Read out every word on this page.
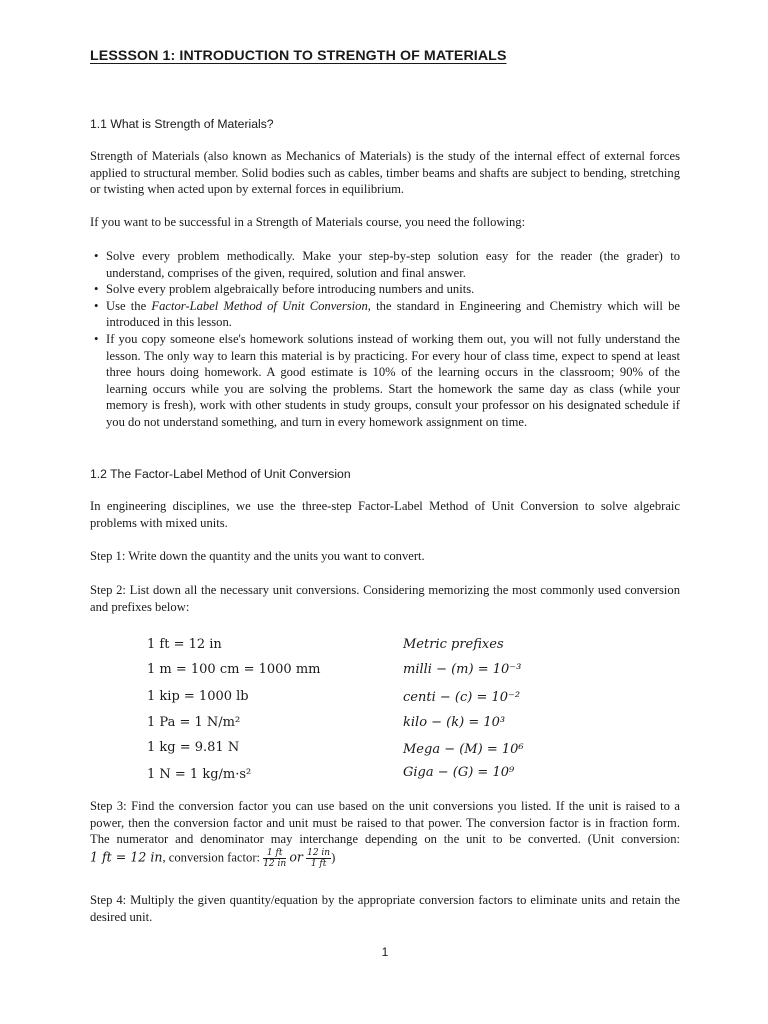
LESSSON 1: INTRODUCTION TO STRENGTH OF MATERIALS
1.1 What is Strength of Materials?
Strength of Materials (also known as Mechanics of Materials) is the study of the internal effect of external forces applied to structural member. Solid bodies such as cables, timber beams and shafts are subject to bending, stretching or twisting when acted upon by external forces in equilibrium.
If you want to be successful in a Strength of Materials course, you need the following:
• Solve every problem methodically. Make your step-by-step solution easy for the reader (the grader) to understand, comprises of the given, required, solution and final answer.
• Solve every problem algebraically before introducing numbers and units.
• Use the Factor-Label Method of Unit Conversion, the standard in Engineering and Chemistry which will be introduced in this lesson.
• If you copy someone else's homework solutions instead of working them out, you will not fully understand the lesson. The only way to learn this material is by practicing. For every hour of class time, expect to spend at least three hours doing homework. A good estimate is 10% of the learning occurs in the classroom; 90% of the learning occurs while you are solving the problems. Start the homework the same day as class (while your memory is fresh), work with other students in study groups, consult your professor on his designated schedule if you do not understand something, and turn in every homework assignment on time.
1.2 The Factor-Label Method of Unit Conversion
In engineering disciplines, we use the three-step Factor-Label Method of Unit Conversion to solve algebraic problems with mixed units.
Step 1: Write down the quantity and the units you want to convert.
Step 2: List down all the necessary unit conversions. Considering memorizing the most commonly used conversion and prefixes below:
1 ft = 12 in
1 m = 100 cm = 1000 mm
1 kip = 1000 lb
1 Pa = 1 N/m²
1 kg = 9.81 N
1 N = 1 kg/m·s²
Metric prefixes
milli − (m) = 10⁻³
centi − (c) = 10⁻²
kilo − (k) = 10³
Mega − (M) = 10⁶
Giga − (G) = 10⁹
Step 3: Find the conversion factor you can use based on the unit conversions you listed. If the unit is raised to a power, then the conversion factor and unit must be raised to that power. The conversion factor is in fraction form. The numerator and denominator may interchange depending on the unit to be converted. (Unit conversion: 1 ft = 12 in, conversion factor: $\frac{1 ft}{12 in}$ or $\frac{12 in}{1 ft}$ )
Step 4: Multiply the given quantity/equation by the appropriate conversion factors to eliminate units and retain the desired unit.
1
